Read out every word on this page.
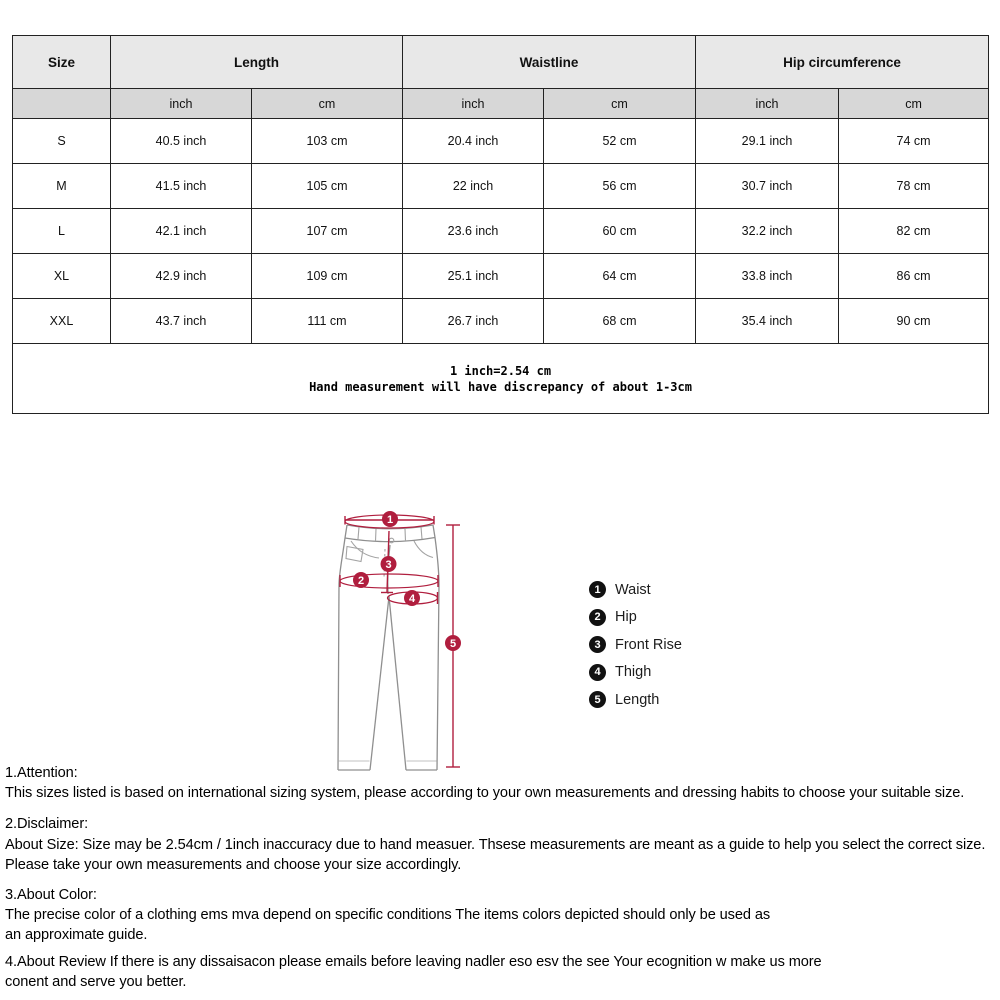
Size	Length		Waistline		Hip circumference	
	inch	cm	inch	cm	inch	cm
S	40.5 inch	103 cm	20.4 inch	52 cm	29.1 inch	74 cm
M	41.5 inch	105 cm	22 inch	56 cm	30.7 inch	78 cm
L	42.1 inch	107 cm	23.6 inch	60 cm	32.2 inch	82 cm
XL	42.9 inch	109 cm	25.1 inch	64 cm	33.8 inch	86 cm
XXL	43.7 inch	111 cm	26.7 inch	68 cm	35.4 inch	90 cm

1 inch=2.54 cm
Hand measurement will have discrepancy of about 1-3cm						
1
2
3
4
5
1 Waist
2 Hip
3 Front Rise
4 Thigh
5 Length
1.Attention:
This sizes listed is based on international sizing system, please according to your own measurements and dressing habits to choose your suitable size.
2.Disclaimer:
About Size: Size may be 2.54cm / 1inch inaccuracy due to hand measuer. Thsese measurements are meant as a guide to help you select the correct size.
Please take your own measurements and choose your size accordingly.
3.About Color:
The precise color of a clothing ems mva depend on specific conditions The items colors depicted should only be used as
an approximate guide.
4.About Review If there is any dissaisacon please emails before leaving nadler eso esv the see Your ecognition w make us more
conent and serve you better.
